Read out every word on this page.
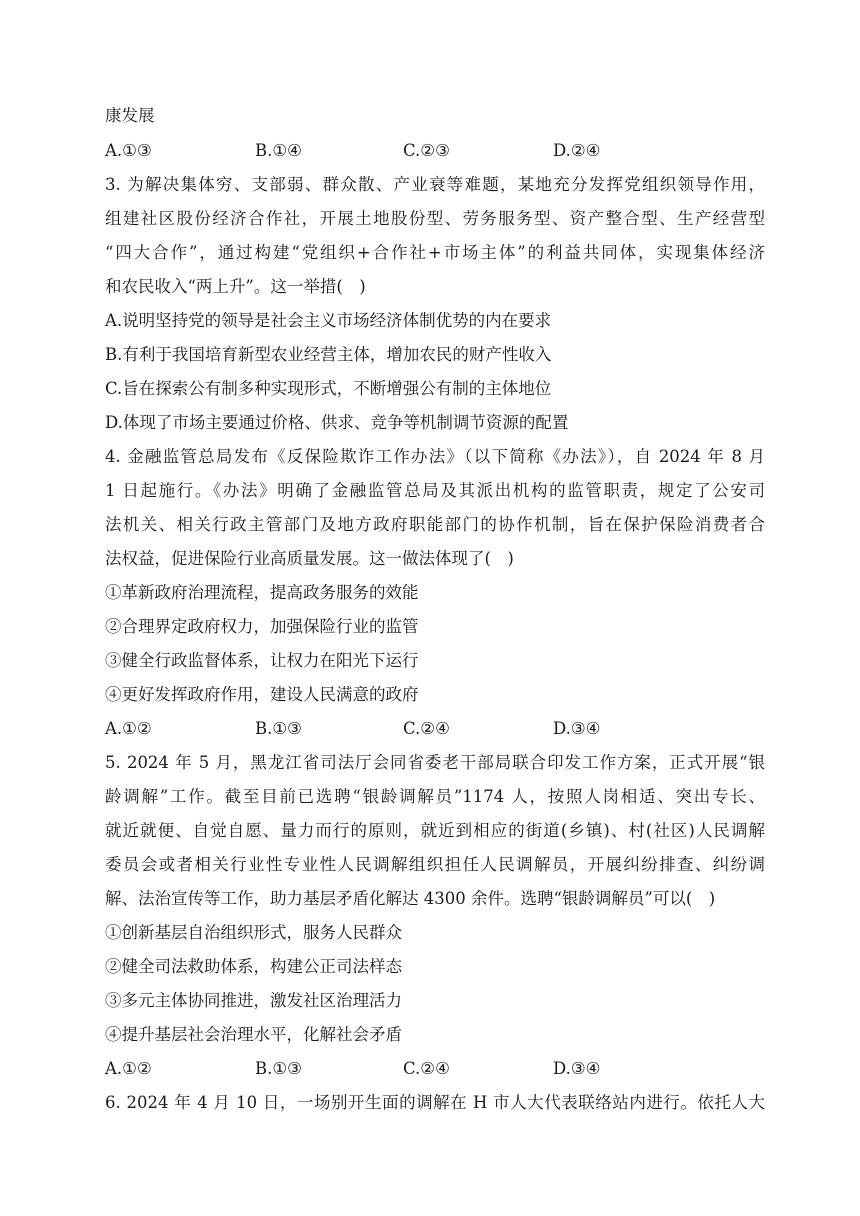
康发展
A.①③	B.①④	C.②③	D.②④
3. 为解决集体穷、支部弱、群众散、产业衰等难题，某地充分发挥党组织领导作用，
组建社区股份经济合作社，开展土地股份型、劳务服务型、资产整合型、生产经营型
“四大合作”，通过构建“党组织+合作社+市场主体”的利益共同体，实现集体经济
和农民收入“两上升”。这一举措(　)
A.说明坚持党的领导是社会主义市场经济体制优势的内在要求
B.有利于我国培育新型农业经营主体，增加农民的财产性收入
C.旨在探索公有制多种实现形式，不断增强公有制的主体地位
D.体现了市场主要通过价格、供求、竞争等机制调节资源的配置
4. 金融监管总局发布《反保险欺诈工作办法》（以下简称《办法》），自 2024 年 8 月
1 日起施行。《办法》明确了金融监管总局及其派出机构的监管职责，规定了公安司
法机关、相关行政主管部门及地方政府职能部门的协作机制，旨在保护保险消费者合
法权益，促进保险行业高质量发展。这一做法体现了(　)
①革新政府治理流程，提高政务服务的效能
②合理界定政府权力，加强保险行业的监管
③健全行政监督体系，让权力在阳光下运行
④更好发挥政府作用，建设人民满意的政府
A.①②	B.①③	C.②④	D.③④
5. 2024 年 5 月，黑龙江省司法厅会同省委老干部局联合印发工作方案，正式开展“银
龄调解”工作。截至目前已选聘“银龄调解员”1174 人，按照人岗相适、突出专长、
就近就便、自觉自愿、量力而行的原则，就近到相应的街道(乡镇)、村(社区)人民调解
委员会或者相关行业性专业性人民调解组织担任人民调解员，开展纠纷排查、纠纷调
解、法治宣传等工作，助力基层矛盾化解达 4300 余件。选聘“银龄调解员”可以(　)
①创新基层自治组织形式，服务人民群众
②健全司法救助体系，构建公正司法样态
③多元主体协同推进，激发社区治理活力
④提升基层社会治理水平，化解社会矛盾
A.①②	B.①③	C.②④	D.③④
6. 2024 年 4 月 10 日，一场别开生面的调解在 H 市人大代表联络站内进行。依托人大
